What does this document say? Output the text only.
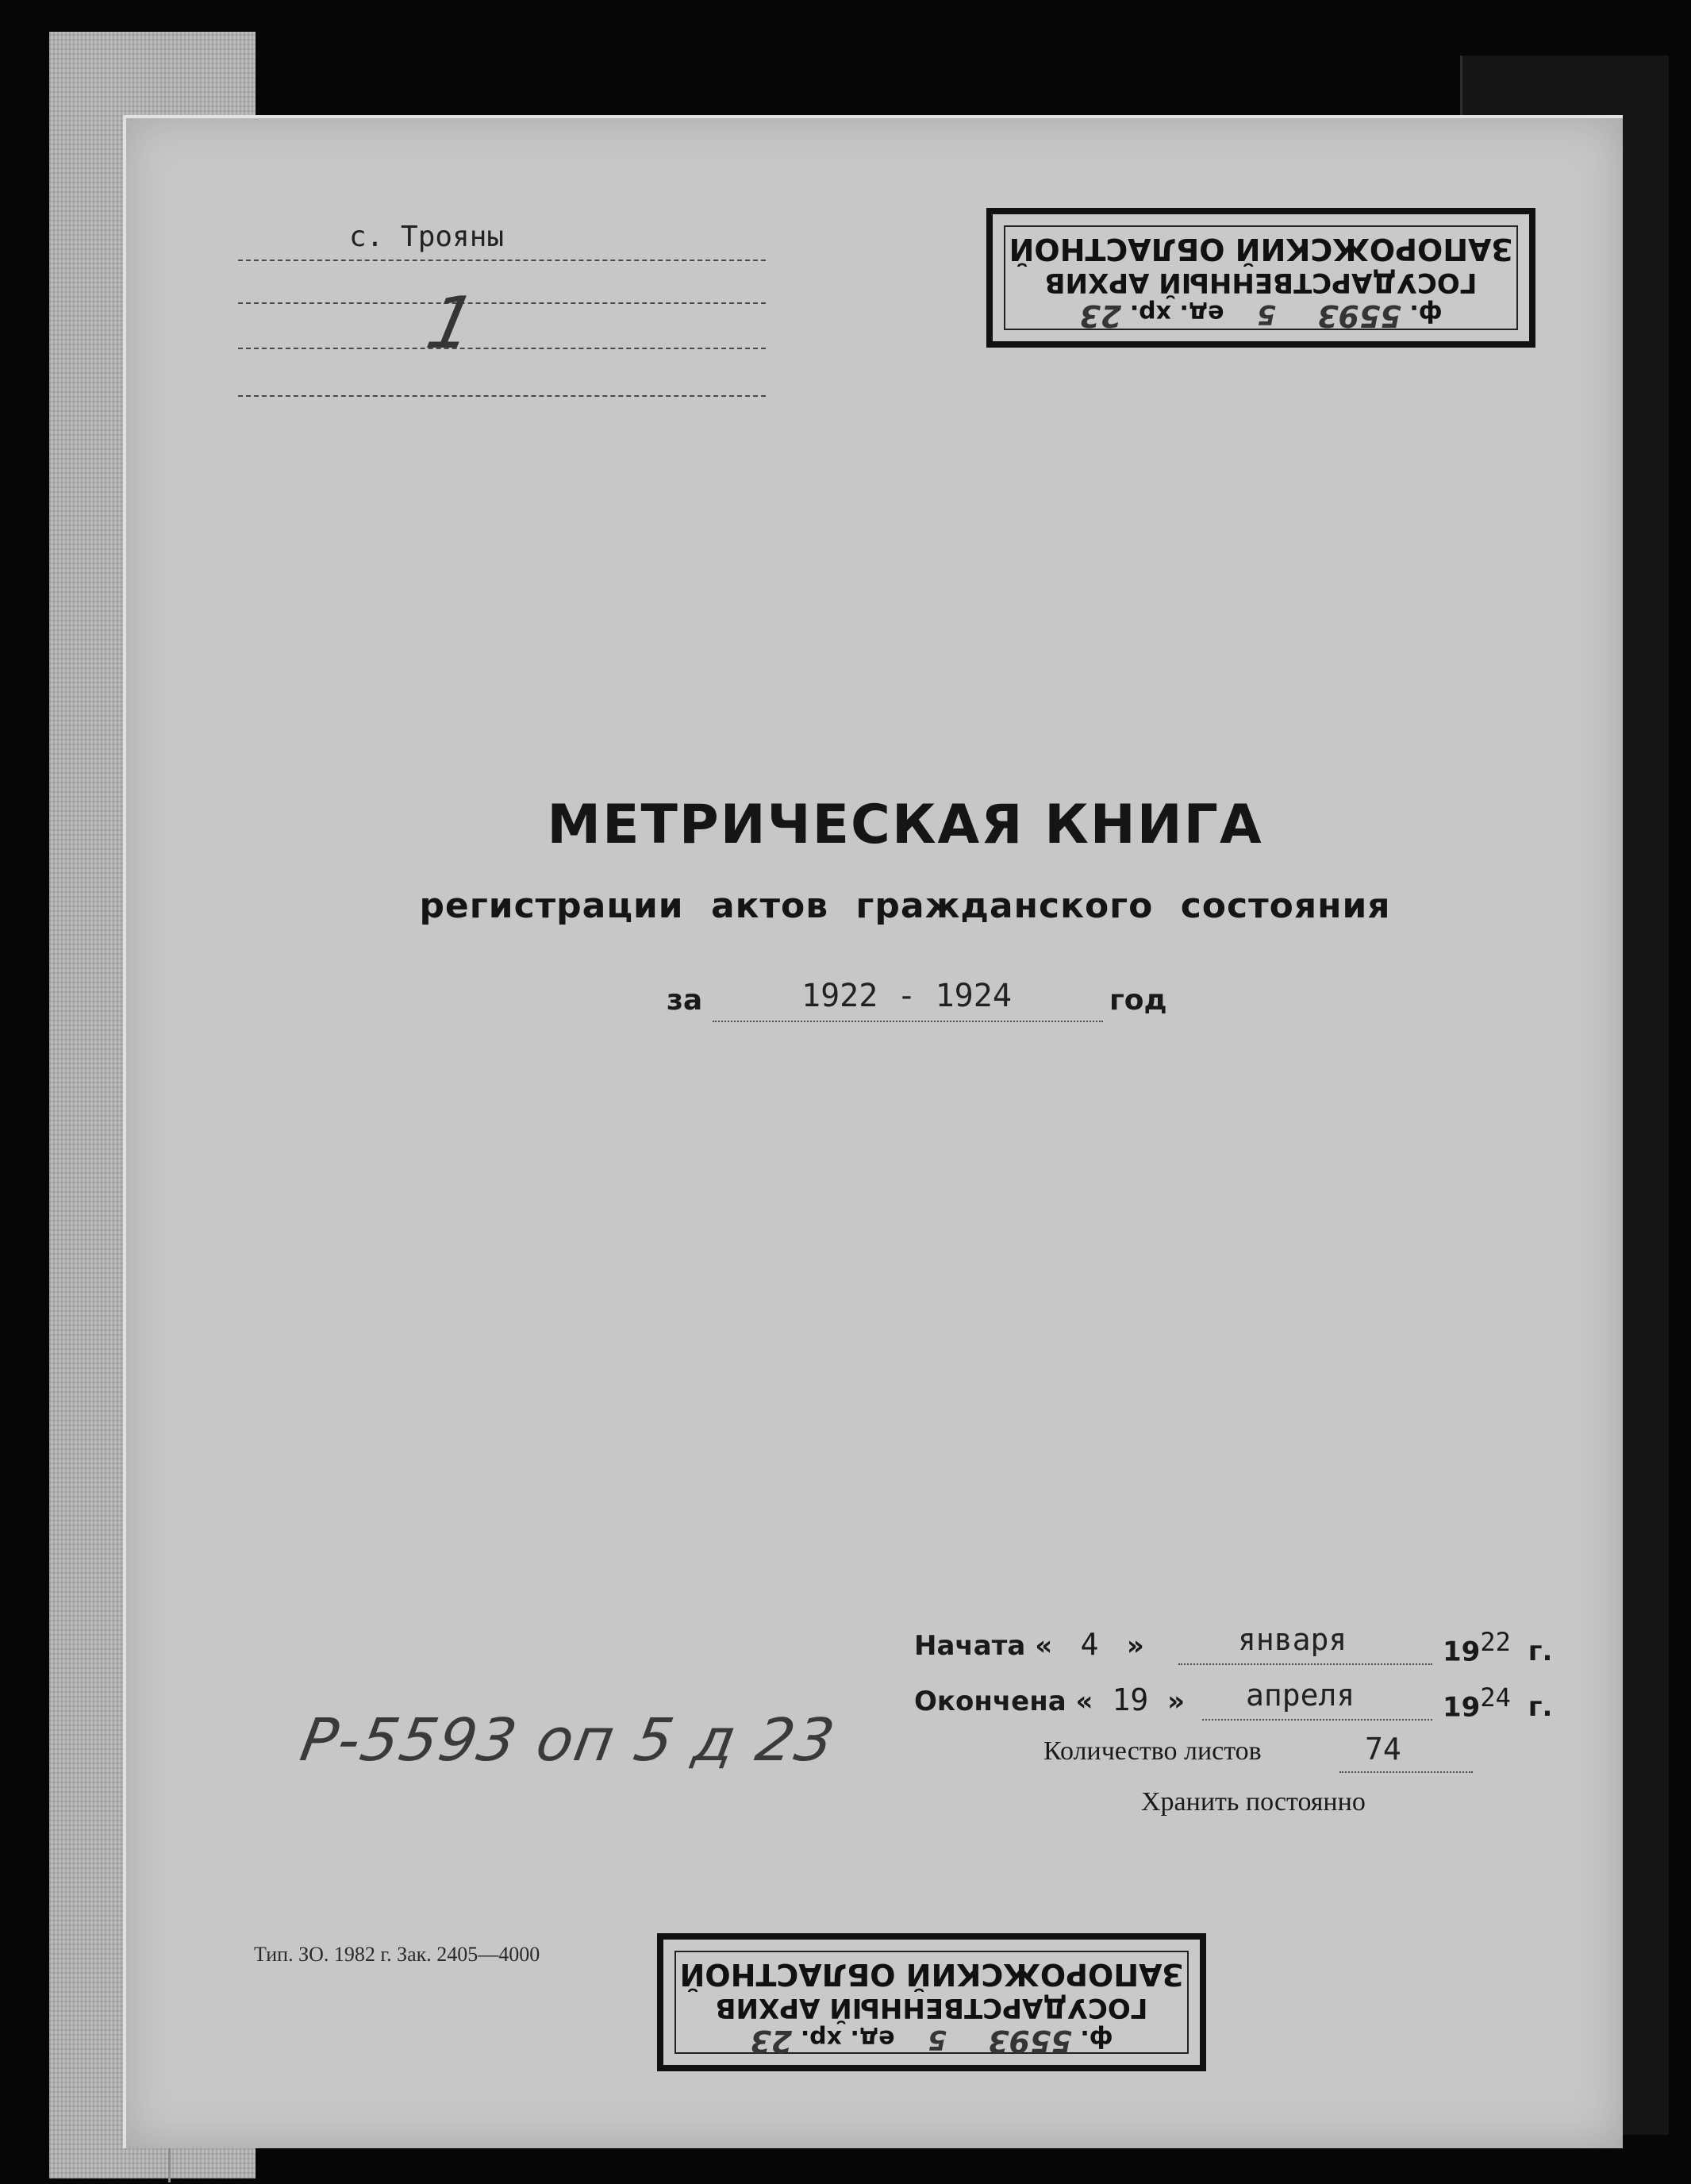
с. Трояны
1
ЗАПОРОЖСКИЙ ОБЛАСТНОЙ
ГОСУДАРСТВЕННЫЙ АРХИВ
ф. 5593     5    ед. хр. 23
МЕТРИЧЕСКАЯ КНИГА
регистрации актов гражданского состояния
за	1922 - 1924	год
Начата « 4 »	января	$19^{22}$ г.
Окончена « 19 » апреля	$19^{24}$ г.
Количество листов	74
Хранить постоянно
Р-5593 оп 5 д 23
Тип. ЗО. 1982 г. Зак. 2405—4000
ЗАПОРОЖСКИЙ ОБЛАСТНОЙ
ГОСУДАРСТВЕННЫЙ АРХИВ
ф. 5593     5    ед. хр. 23
